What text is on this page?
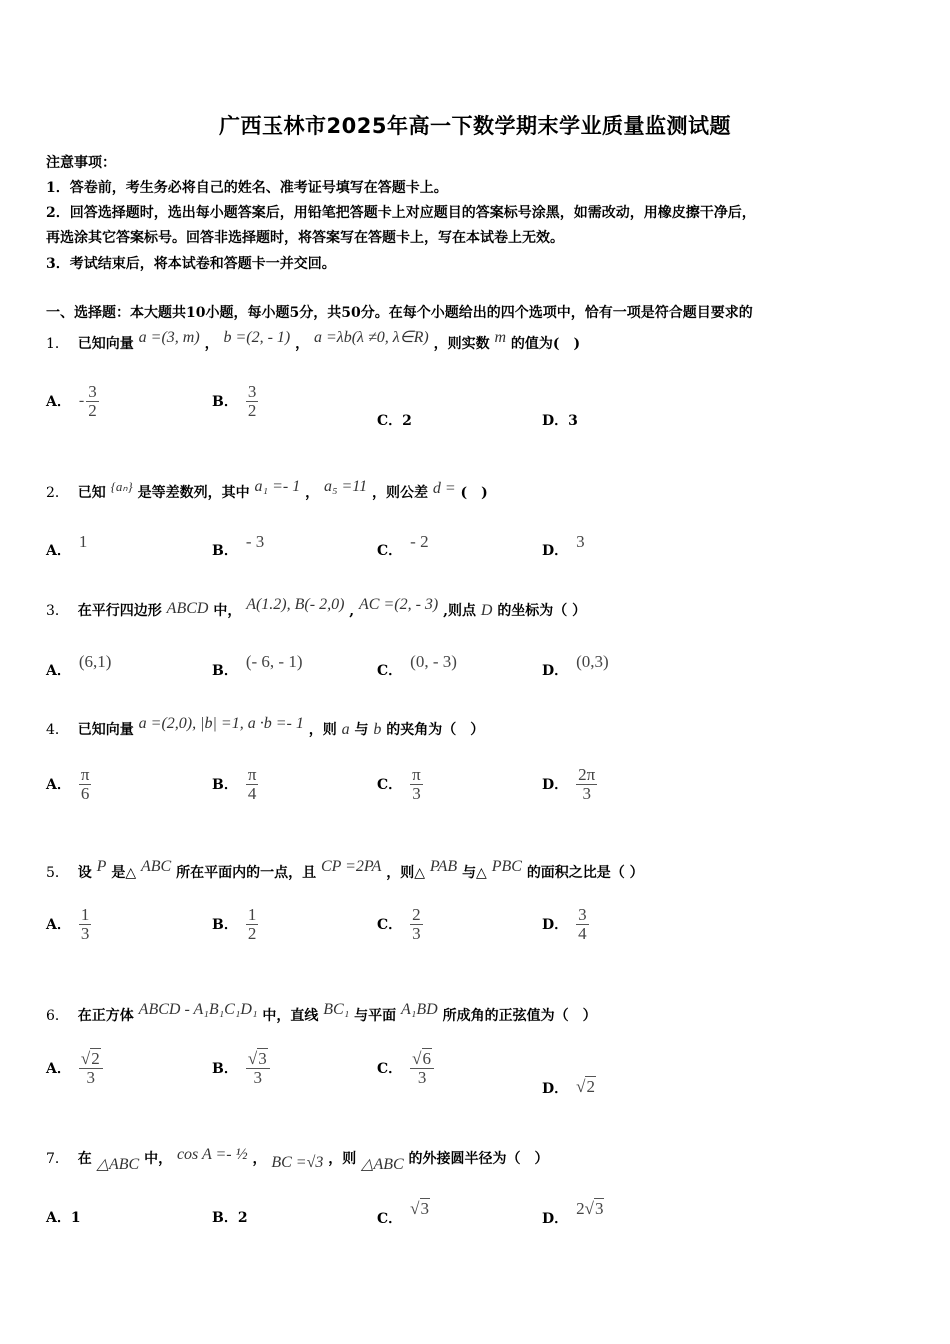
广西玉林市2025年高一下数学期末学业质量监测试题
注意事项：
1．答卷前，考生务必将自己的姓名、准考证号填写在答题卡上。
2．回答选择题时，选出每小题答案后，用铅笔把答题卡上对应题目的答案标号涂黑，如需改动，用橡皮擦干净后，
再选涂其它答案标号。回答非选择题时，将答案写在答题卡上，写在本试卷上无效。
3．考试结束后，将本试卷和答题卡一并交回。
一、选择题：本大题共10小题，每小题5分，共50分。在每个小题给出的四个选项中，恰有一项是符合题目要求的
1． 已知向量 a =(3, m) ， b =(2, - 1) ， a =λb(λ ≠0, λ∈R) ，则实数 m 的值为(　)
A． - $\frac{3}{2}$	B． $\frac{3}{2}$
C．2	D．3
2． 已知 {aₙ} 是等差数列，其中 a₁ =- 1 ， a₅ =11 ，则公差 d = (　)
A． 1	B． - 3	C． - 2	D． 3
3． 在平行四边形 ABCD 中， A(1.2), B(- 2,0) , AC =(2, - 3) ,则点 D 的坐标为（ ）
A． (6,1)	B． (- 6, - 1)	C． (0, - 3)	D． (0,3)
4． 已知向量 a =(2,0), |b| =1, a ·b =- 1 ，则 a 与 b 的夹角为（　）
A． $\frac{\pi}{6}$	B． $\frac{\pi}{4}$	C． $\frac{\pi}{3}$	D． $\frac{2\pi}{3}$
5． 设 P 是△ ABC 所在平面内的一点，且 CP =2PA ，则△ PAB 与△ PBC 的面积之比是（ ）
A． $\frac{1}{3}$	B． $\frac{1}{2}$	C． $\frac{2}{3}$	D． $\frac{3}{4}$
6． 在正方体 ABCD - A₁B₁C₁D₁ 中，直线 BC₁ 与平面 A₁BD 所成角的正弦值为（　）
A． $\frac{√2}{3}$	B． $\frac{√3}{3}$	C． $\frac{√6}{3}$
D． √2
7． 在 △ABC 中， cos A =- ½ ， BC =√3 ，则 △ABC 的外接圆半径为（　）
A．1	B．2	C．√3
D．2√3
